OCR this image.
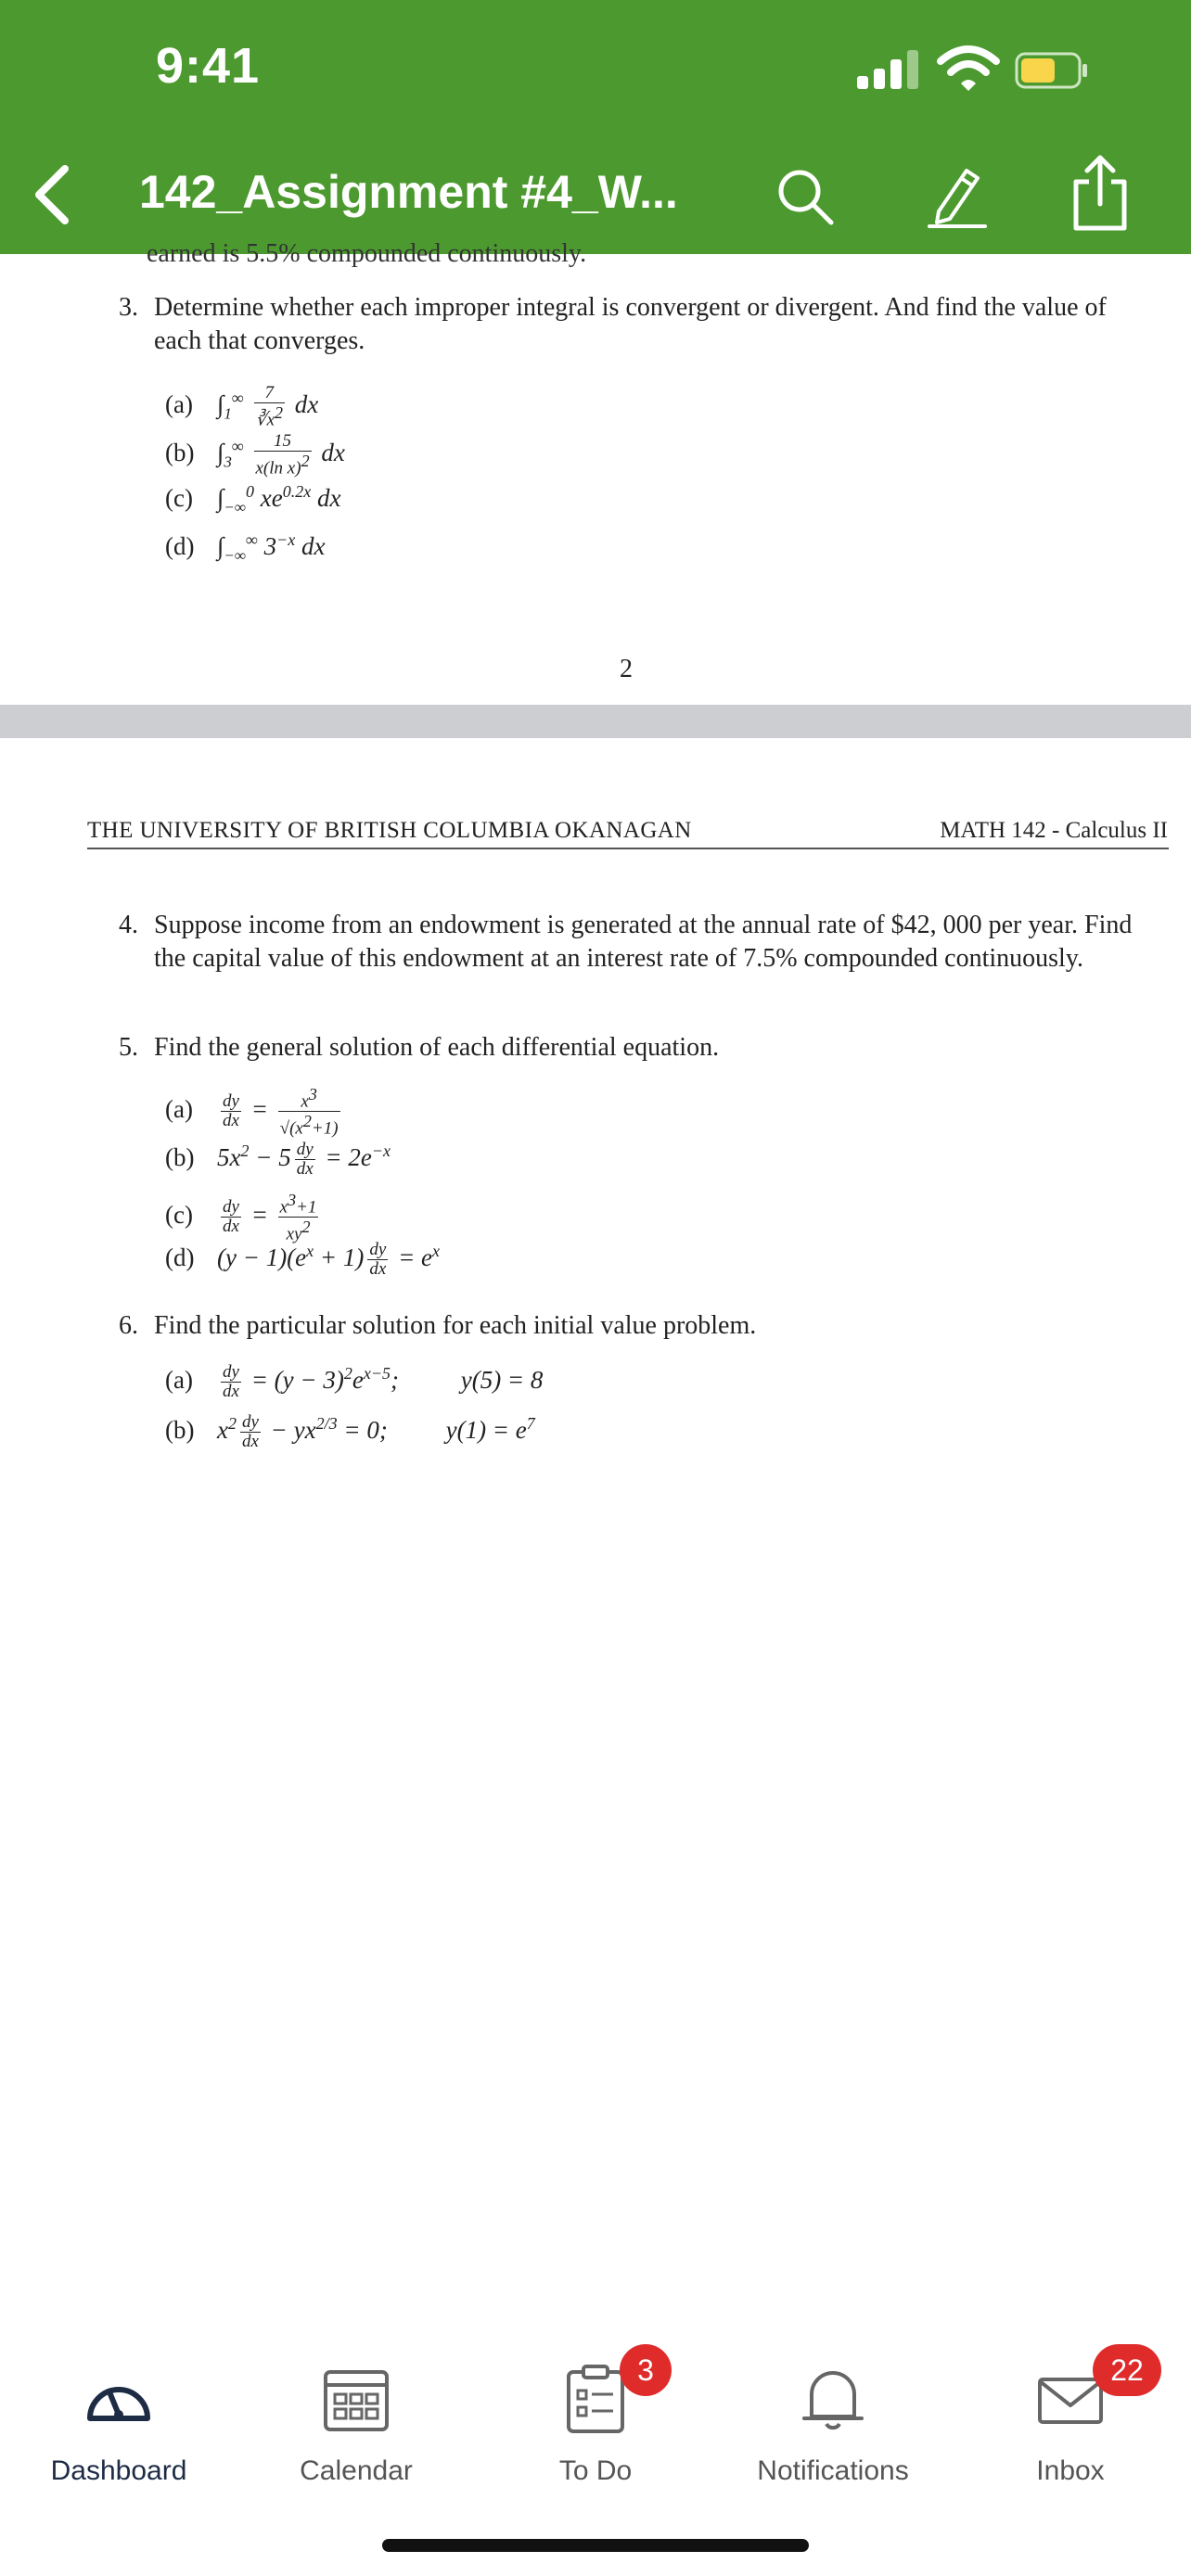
9:41
142_Assignment #4_W...
earned is 5.5% compounded continuously.
3. Determine whether each improper integral is convergent or divergent. And find the value of each that converges.
(a) $\int_1^\infty \frac{7}{∛x^2}$ dx
(b) $\int_3^\infty \frac{15}{x(\ln x)^2}$ dx
(c) $\int_{-\infty}^0$ $xe^{0.2x}$ dx
(d) $\int_{-\infty}^\infty$ $3^{-x}$ dx
2
THE UNIVERSITY OF BRITISH COLUMBIA OKANAGAN	MATH 142 - Calculus II
4. Suppose income from an endowment is generated at the annual rate of $42, 000 per year. Find the capital value of this endowment at an interest rate of 7.5% compounded continuously.
5. Find the general solution of each differential equation.
$(a) \frac{dy}{dx} = \frac{x^3}{√(x^2+1)}$
(b) $5x^2 - 5 \frac{dy}{dx} = 2e^{-x}$
$(c) \frac{dy}{dx} = \frac{x^3+1}{xy^2}$
(d) $(y - 1)(e^x + 1) \frac{dy}{dx} = e^x$
6. Find the particular solution for each initial value problem.
$(a) \frac{dy}{dx} = (y - 3)^2e^{x-5}$; y(5) = 8
(b) $x^2 \frac{dy}{dx} - yx^{2/3} = 0$; $y(1) = e^7$
Dashboard	Calendar
3
To Do	Notifications
22
Inbox
